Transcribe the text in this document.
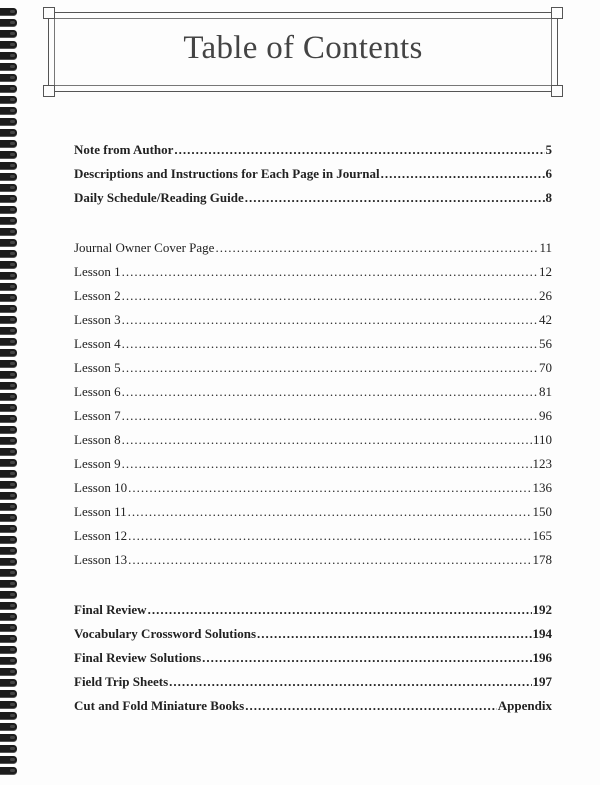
Table of Contents
Note from Author .....	5
Descriptions and Instructions for Each Page in Journal .....	6
Daily Schedule/Reading Guide .....	8
Journal Owner Cover Page .....	11
Lesson 1 .....	12
Lesson 2 .....	26
Lesson 3 .....	42
Lesson 4 .....	56
Lesson 5 .....	70
Lesson 6 .....	81
Lesson 7 .....	96
Lesson 8 .....	110
Lesson 9 .....	123
Lesson 10 .....	136
Lesson 11 .....	150
Lesson 12 .....	165
Lesson 13 .....	178
Final Review .....	192
Vocabulary Crossword Solutions .....	194
Final Review Solutions .....	196
Field Trip Sheets .....	197
Cut and Fold Miniature Books .....	Appendix
